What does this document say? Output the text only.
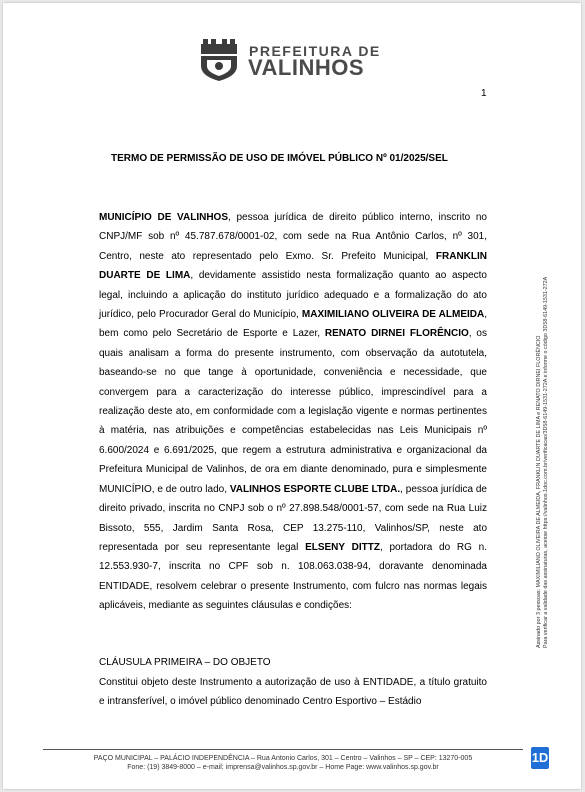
PREFEITURA DE
VALINHOS
1
TERMO DE PERMISSÃO DE USO DE IMÓVEL PÚBLICO Nº 01/2025/SEL
MUNICÍPIO DE VALINHOS, pessoa jurídica de direito público interno, inscrito no CNPJ/MF sob nº 45.787.678/0001-02, com sede na Rua Antônio Carlos, nº 301, Centro, neste ato representado pelo Exmo. Sr. Prefeito Municipal, FRANKLIN DUARTE DE LIMA, devidamente assistido nesta formalização quanto ao aspecto legal, incluindo a aplicação do instituto jurídico adequado e a formalização do ato jurídico, pelo Procurador Geral do Município, MAXIMILIANO OLIVEIRA DE ALMEIDA, bem como pelo Secretário de Esporte e Lazer, RENATO DIRNEI FLORÊNCIO, os quais analisam a forma do presente instrumento, com observação da autotutela, baseando-se no que tange à oportunidade, conveniência e necessidade, que convergem para a caracterização do interesse público, imprescindível para a realização deste ato, em conformidade com a legislação vigente e normas pertinentes à matéria, nas atribuições e competências estabelecidas nas Leis Municipais nº 6.600/2024 e 6.691/2025, que regem a estrutura administrativa e organizacional da Prefeitura Municipal de Valinhos, de ora em diante denominado, pura e simplesmente MUNICÍPIO, e de outro lado, VALINHOS ESPORTE CLUBE LTDA., pessoa jurídica de direito privado, inscrita no CNPJ sob o nº 27.898.548/0001-57, com sede na Rua Luiz Bissoto, 555, Jardim Santa Rosa, CEP 13.275-110, Valinhos/SP, neste ato representada por seu representante legal ELSENY DITTZ, portadora do RG n. 12.553.930-7, inscrita no CPF sob n. 108.063.038-94, doravante denominada ENTIDADE, resolvem celebrar o presente Instrumento, com fulcro nas normas legais aplicáveis, mediante as seguintes cláusulas e condições:
CLÁUSULA PRIMEIRA – DO OBJETO
Constitui objeto deste Instrumento a autorização de uso à ENTIDADE, a título gratuito e intransferível, o imóvel público denominado Centro Esportivo – Estádio
PAÇO MUNICIPAL – PALÁCIO INDEPENDÊNCIA – Rua Antonio Carlos, 301 – Centro – Valinhos – SP – CEP: 13270-005
Fone: (19) 3849-8000 – e-mail: imprensa@valinhos.sp.gov.br – Home Page: www.valinhos.sp.gov.br
Assinado por 3 pessoas: MAXIMILIANO OLIVEIRA DE ALMEIDA, FRANKLIN DUARTE DE LIMA e RENATO DIRNEI FLORÊNCIO Para verificar a validade das assinaturas, acesse https://valinhos.1doc.com.br/verificacao/3D58-6149-1531-272A e informe o código 3D58-6149-1531-272A
1D
